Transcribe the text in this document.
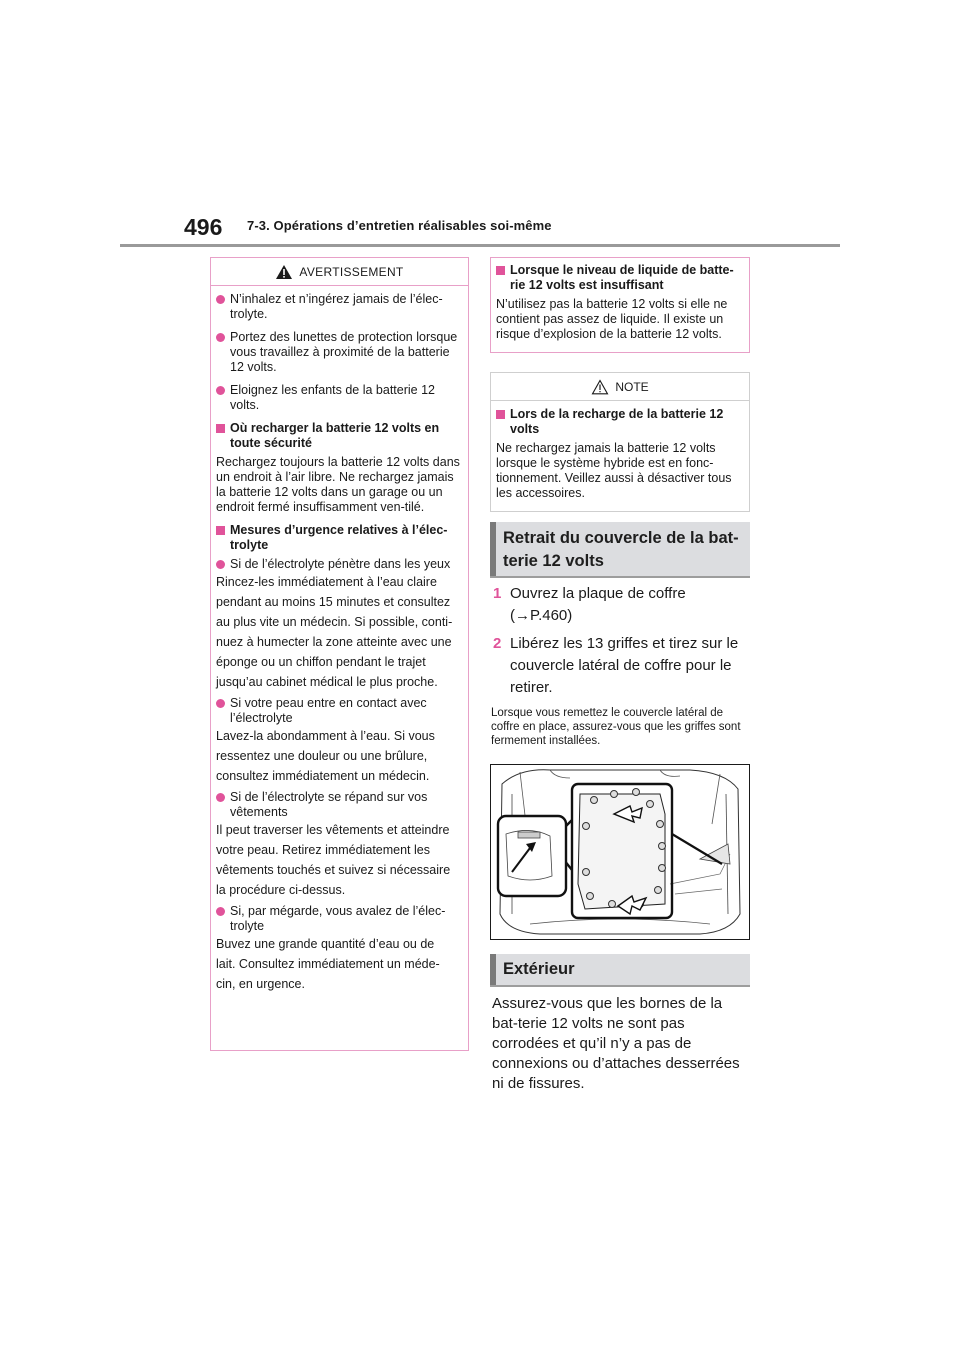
496 7-3. Opérations d’entretien réalisables soi-même
AVERTISSEMENT
N’inhalez et n’ingérez jamais de l’élec-trolyte.
Portez des lunettes de protection lorsque vous travaillez à proximité de la batterie 12 volts.
Eloignez les enfants de la batterie 12 volts.
Où recharger la batterie 12 volts en toute sécurité
Rechargez toujours la batterie 12 volts dans un endroit à l’air libre. Ne rechargez jamais la batterie 12 volts dans un garage ou un endroit fermé insuffisamment ven-tilé.
Mesures d’urgence relatives à l’élec-trolyte
Si de l’électrolyte pénètre dans les yeux
Rincez-les immédiatement à l’eau claire
pendant au moins 15 minutes et consultez
au plus vite un médecin. Si possible, conti-
nuez à humecter la zone atteinte avec une
éponge ou un chiffon pendant le trajet
jusqu’au cabinet médical le plus proche.
Si votre peau entre en contact avec l’électrolyte
Lavez-la abondamment à l’eau. Si vous
ressentez une douleur ou une brûlure,
consultez immédiatement un médecin.
Si de l’électrolyte se répand sur vos vêtements
Il peut traverser les vêtements et atteindre
votre peau. Retirez immédiatement les
vêtements touchés et suivez si nécessaire
la procédure ci-dessus.
Si, par mégarde, vous avalez de l’élec-trolyte
Buvez une grande quantité d’eau ou de
lait. Consultez immédiatement un méde-
cin, en urgence.
Lorsque le niveau de liquide de batte-rie 12 volts est insuffisant
N’utilisez pas la batterie 12 volts si elle ne contient pas assez de liquide. Il existe un risque d’explosion de la batterie 12 volts.
NOTE
Lors de la recharge de la batterie 12 volts
Ne rechargez jamais la batterie 12 volts lorsque le système hybride est en fonc-tionnement. Veillez aussi à désactiver tous les accessoires.
Retrait du couvercle de la bat-
terie 12 volts
1 Ouvrez la plaque de coffre
(→P.460)
2 Libérez les 13 griffes et tirez sur le
couvercle latéral de coffre pour le
retirer.
Lorsque vous remettez le couvercle latéral de coffre en place, assurez-vous que les griffes sont fermement installées.
Extérieur
Assurez-vous que les bornes de la bat-terie 12 volts ne sont pas corrodées et qu’il n’y a pas de connexions ou d’attaches desserrées ni de fissures.
